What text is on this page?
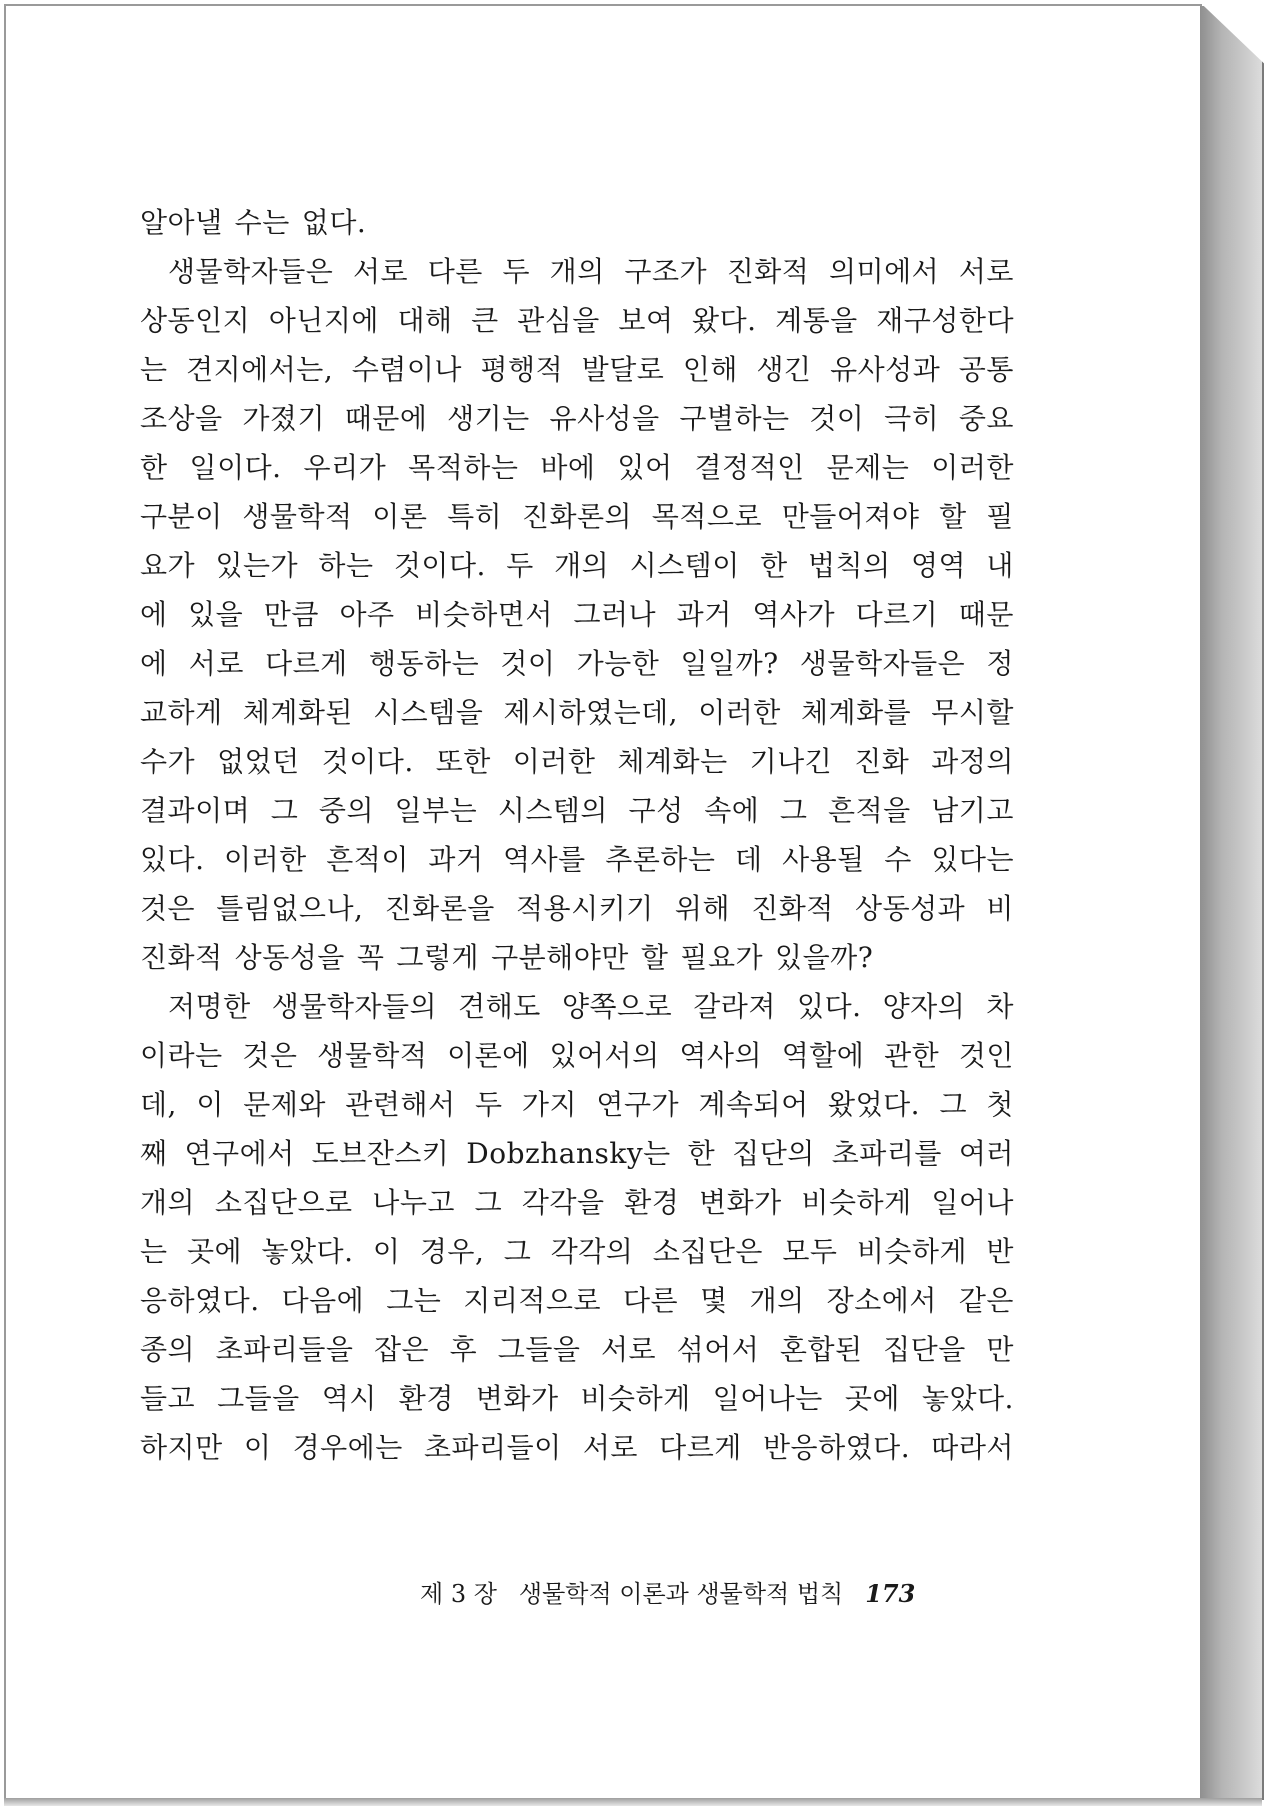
알아낼 수는 없다.
생물학자들은 서로 다른 두 개의 구조가 진화적 의미에서 서로
상동인지 아닌지에 대해 큰 관심을 보여 왔다. 계통을 재구성한다
는 견지에서는, 수렴이나 평행적 발달로 인해 생긴 유사성과 공통
조상을 가졌기 때문에 생기는 유사성을 구별하는 것이 극히 중요
한 일이다. 우리가 목적하는 바에 있어 결정적인 문제는 이러한
구분이 생물학적 이론 특히 진화론의 목적으로 만들어져야 할 필
요가 있는가 하는 것이다. 두 개의 시스템이 한 법칙의 영역 내
에 있을 만큼 아주 비슷하면서 그러나 과거 역사가 다르기 때문
에 서로 다르게 행동하는 것이 가능한 일일까? 생물학자들은 정
교하게 체계화된 시스템을 제시하였는데, 이러한 체계화를 무시할
수가 없었던 것이다. 또한 이러한 체계화는 기나긴 진화 과정의
결과이며 그 중의 일부는 시스템의 구성 속에 그 흔적을 남기고
있다. 이러한 흔적이 과거 역사를 추론하는 데 사용될 수 있다는
것은 틀림없으나, 진화론을 적용시키기 위해 진화적 상동성과 비
진화적 상동성을 꼭 그렇게 구분해야만 할 필요가 있을까?
저명한 생물학자들의 견해도 양쪽으로 갈라져 있다. 양자의 차
이라는 것은 생물학적 이론에 있어서의 역사의 역할에 관한 것인
데, 이 문제와 관련해서 두 가지 연구가 계속되어 왔었다. 그 첫
째 연구에서 도브잔스키 Dobzhansky는 한 집단의 초파리를 여러
개의 소집단으로 나누고 그 각각을 환경 변화가 비슷하게 일어나
는 곳에 놓았다. 이 경우, 그 각각의 소집단은 모두 비슷하게 반
응하였다. 다음에 그는 지리적으로 다른 몇 개의 장소에서 같은
종의 초파리들을 잡은 후 그들을 서로 섞어서 혼합된 집단을 만
들고 그들을 역시 환경 변화가 비슷하게 일어나는 곳에 놓았다.
하지만 이 경우에는 초파리들이 서로 다르게 반응하였다. 따라서
제 3 장 생물학적 이론과 생물학적 법칙 173
